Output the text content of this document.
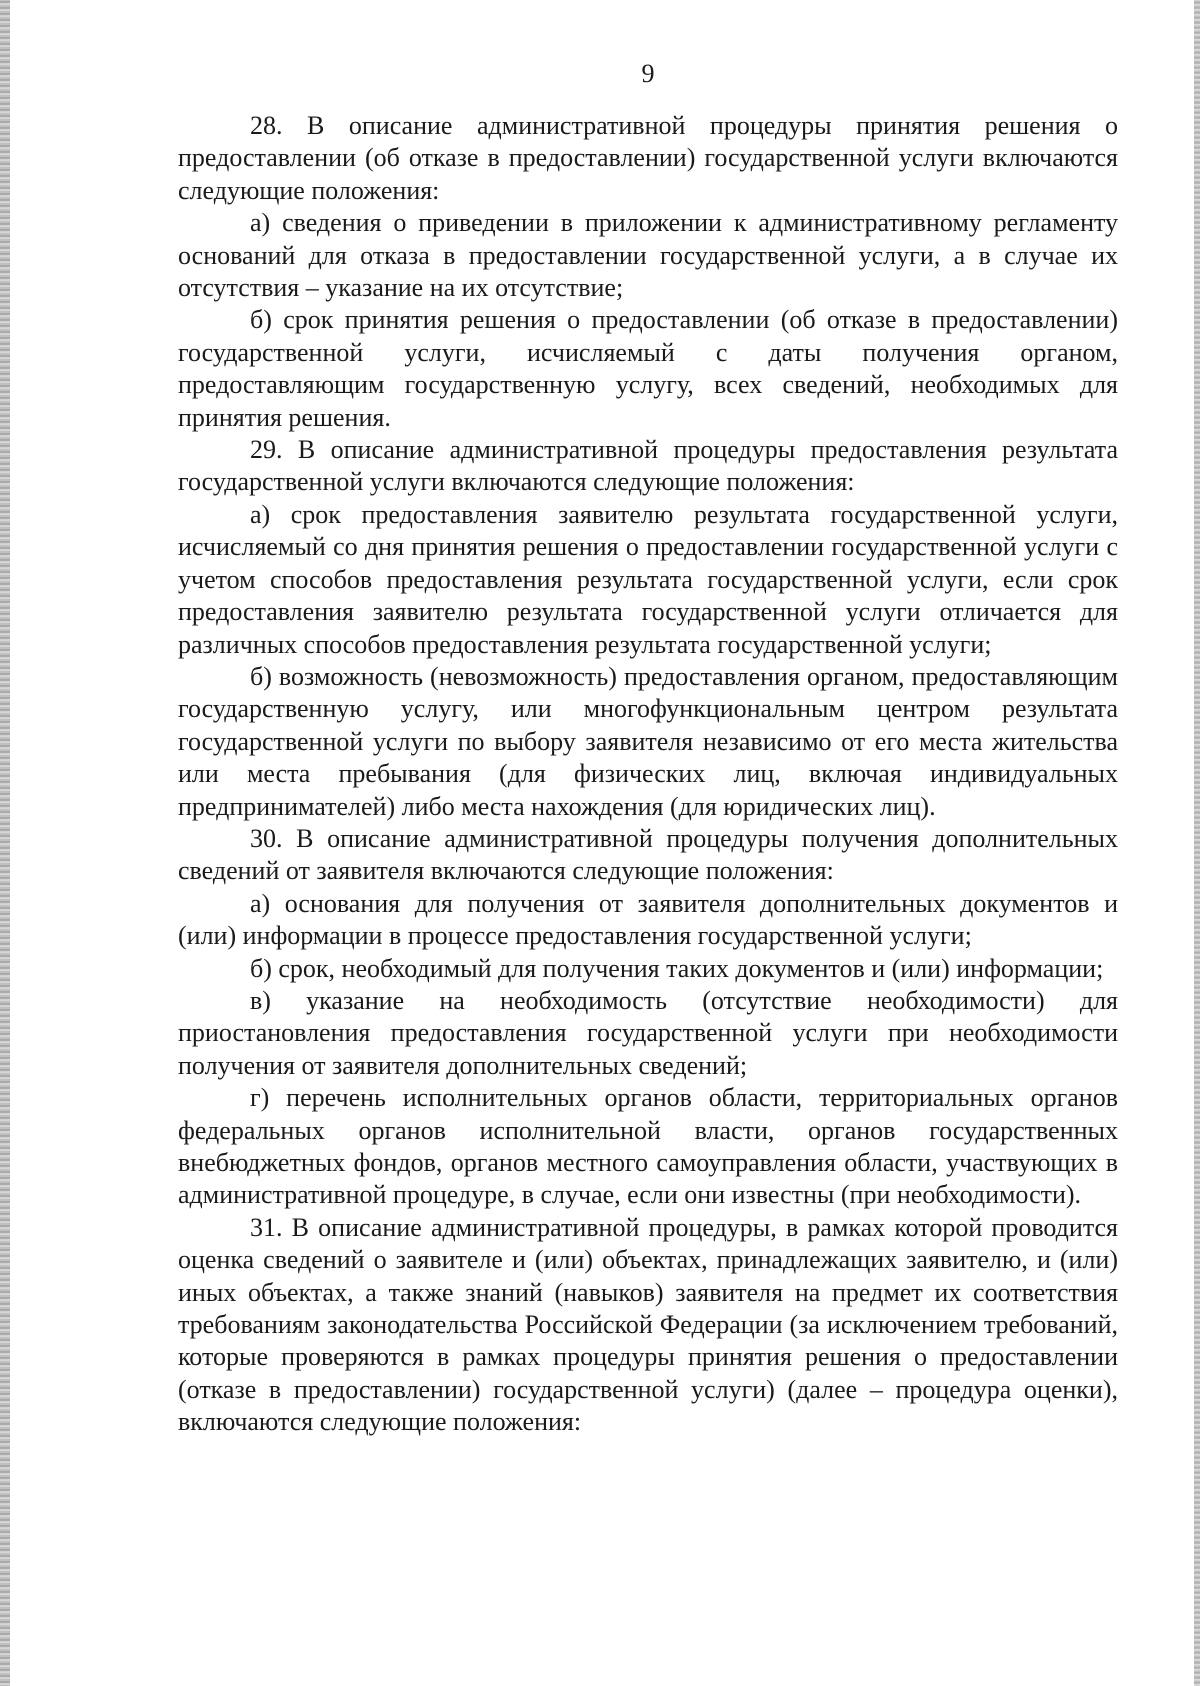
9

28. В описание административной процедуры принятия решения о предоставлении (об отказе в предоставлении) государственной услуги включаются следующие положения:

а) сведения о приведении в приложении к административному регламенту оснований для отказа в предоставлении государственной услуги, а в случае их отсутствия – указание на их отсутствие;

б) срок принятия решения о предоставлении (об отказе в предоставлении) государственной услуги, исчисляемый с даты получения органом, предоставляющим государственную услугу, всех сведений, необходимых для принятия решения.

29. В описание административной процедуры предоставления результата государственной услуги включаются следующие положения:

а) срок предоставления заявителю результата государственной услуги, исчисляемый со дня принятия решения о предоставлении государственной услуги с учетом способов предоставления результата государственной услуги, если срок предоставления заявителю результата государственной услуги отличается для различных способов предоставления результата государственной услуги;

б) возможность (невозможность) предоставления органом, предоставляющим государственную услугу, или многофункциональным центром результата государственной услуги по выбору заявителя независимо от его места жительства или места пребывания (для физических лиц, включая индивидуальных предпринимателей) либо места нахождения (для юридических лиц).

30. В описание административной процедуры получения дополнительных сведений от заявителя включаются следующие положения:

а) основания для получения от заявителя дополнительных документов и (или) информации в процессе предоставления государственной услуги;

б) срок, необходимый для получения таких документов и (или) информации;

в) указание на необходимость (отсутствие необходимости) для приостановления предоставления государственной услуги при необходимости получения от заявителя дополнительных сведений;

г) перечень исполнительных органов области, территориальных органов федеральных органов исполнительной власти, органов государственных внебюджетных фондов, органов местного самоуправления области, участвующих в административной процедуре, в случае, если они известны (при необходимости).

31. В описание административной процедуры, в рамках которой проводится оценка сведений о заявителе и (или) объектах, принадлежащих заявителю, и (или) иных объектах, а также знаний (навыков) заявителя на предмет их соответствия требованиям законодательства Российской Федерации (за исключением требований, которые проверяются в рамках процедуры принятия решения о предоставлении (отказе в предоставлении) государственной услуги) (далее – процедура оценки), включаются следующие положения:
